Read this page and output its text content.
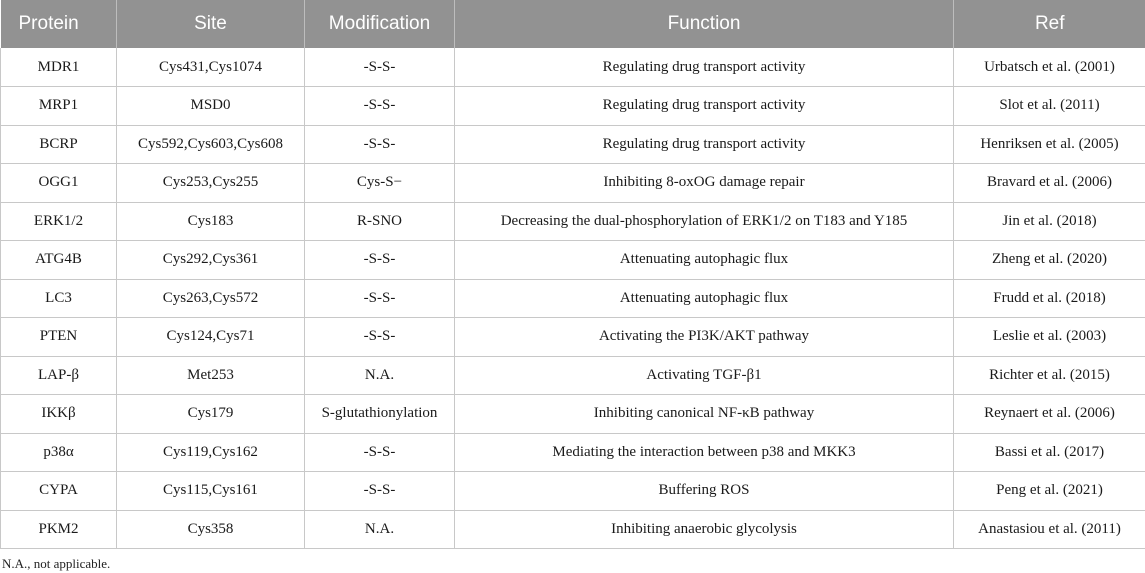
Protein	Site	Modification	Function	Ref
MDR1	Cys431,Cys1074	-S-S-	Regulating drug transport activity	Urbatsch et al. (2001)
MRP1	MSD0	-S-S-	Regulating drug transport activity	Slot et al. (2011)
BCRP	Cys592,Cys603,Cys608	-S-S-	Regulating drug transport activity	Henriksen et al. (2005)
OGG1	Cys253,Cys255	Cys-S−	Inhibiting 8-oxOG damage repair	Bravard et al. (2006)
ERK1/2	Cys183	R-SNO	Decreasing the dual-phosphorylation of ERK1/2 on T183 and Y185	Jin et al. (2018)
ATG4B	Cys292,Cys361	-S-S-	Attenuating autophagic flux	Zheng et al. (2020)
LC3	Cys263,Cys572	-S-S-	Attenuating autophagic flux	Frudd et al. (2018)
PTEN	Cys124,Cys71	-S-S-	Activating the PI3K/AKT pathway	Leslie et al. (2003)
LAP-β	Met253	N.A.	Activating TGF-β1	Richter et al. (2015)
IKKβ	Cys179	S-glutathionylation	Inhibiting canonical NF-κB pathway	Reynaert et al. (2006)
p38α	Cys119,Cys162	-S-S-	Mediating the interaction between p38 and MKK3	Bassi et al. (2017)
CYPA	Cys115,Cys161	-S-S-	Buffering ROS	Peng et al. (2021)
PKM2	Cys358	N.A.	Inhibiting anaerobic glycolysis	Anastasiou et al. (2011)
N.A., not applicable.
